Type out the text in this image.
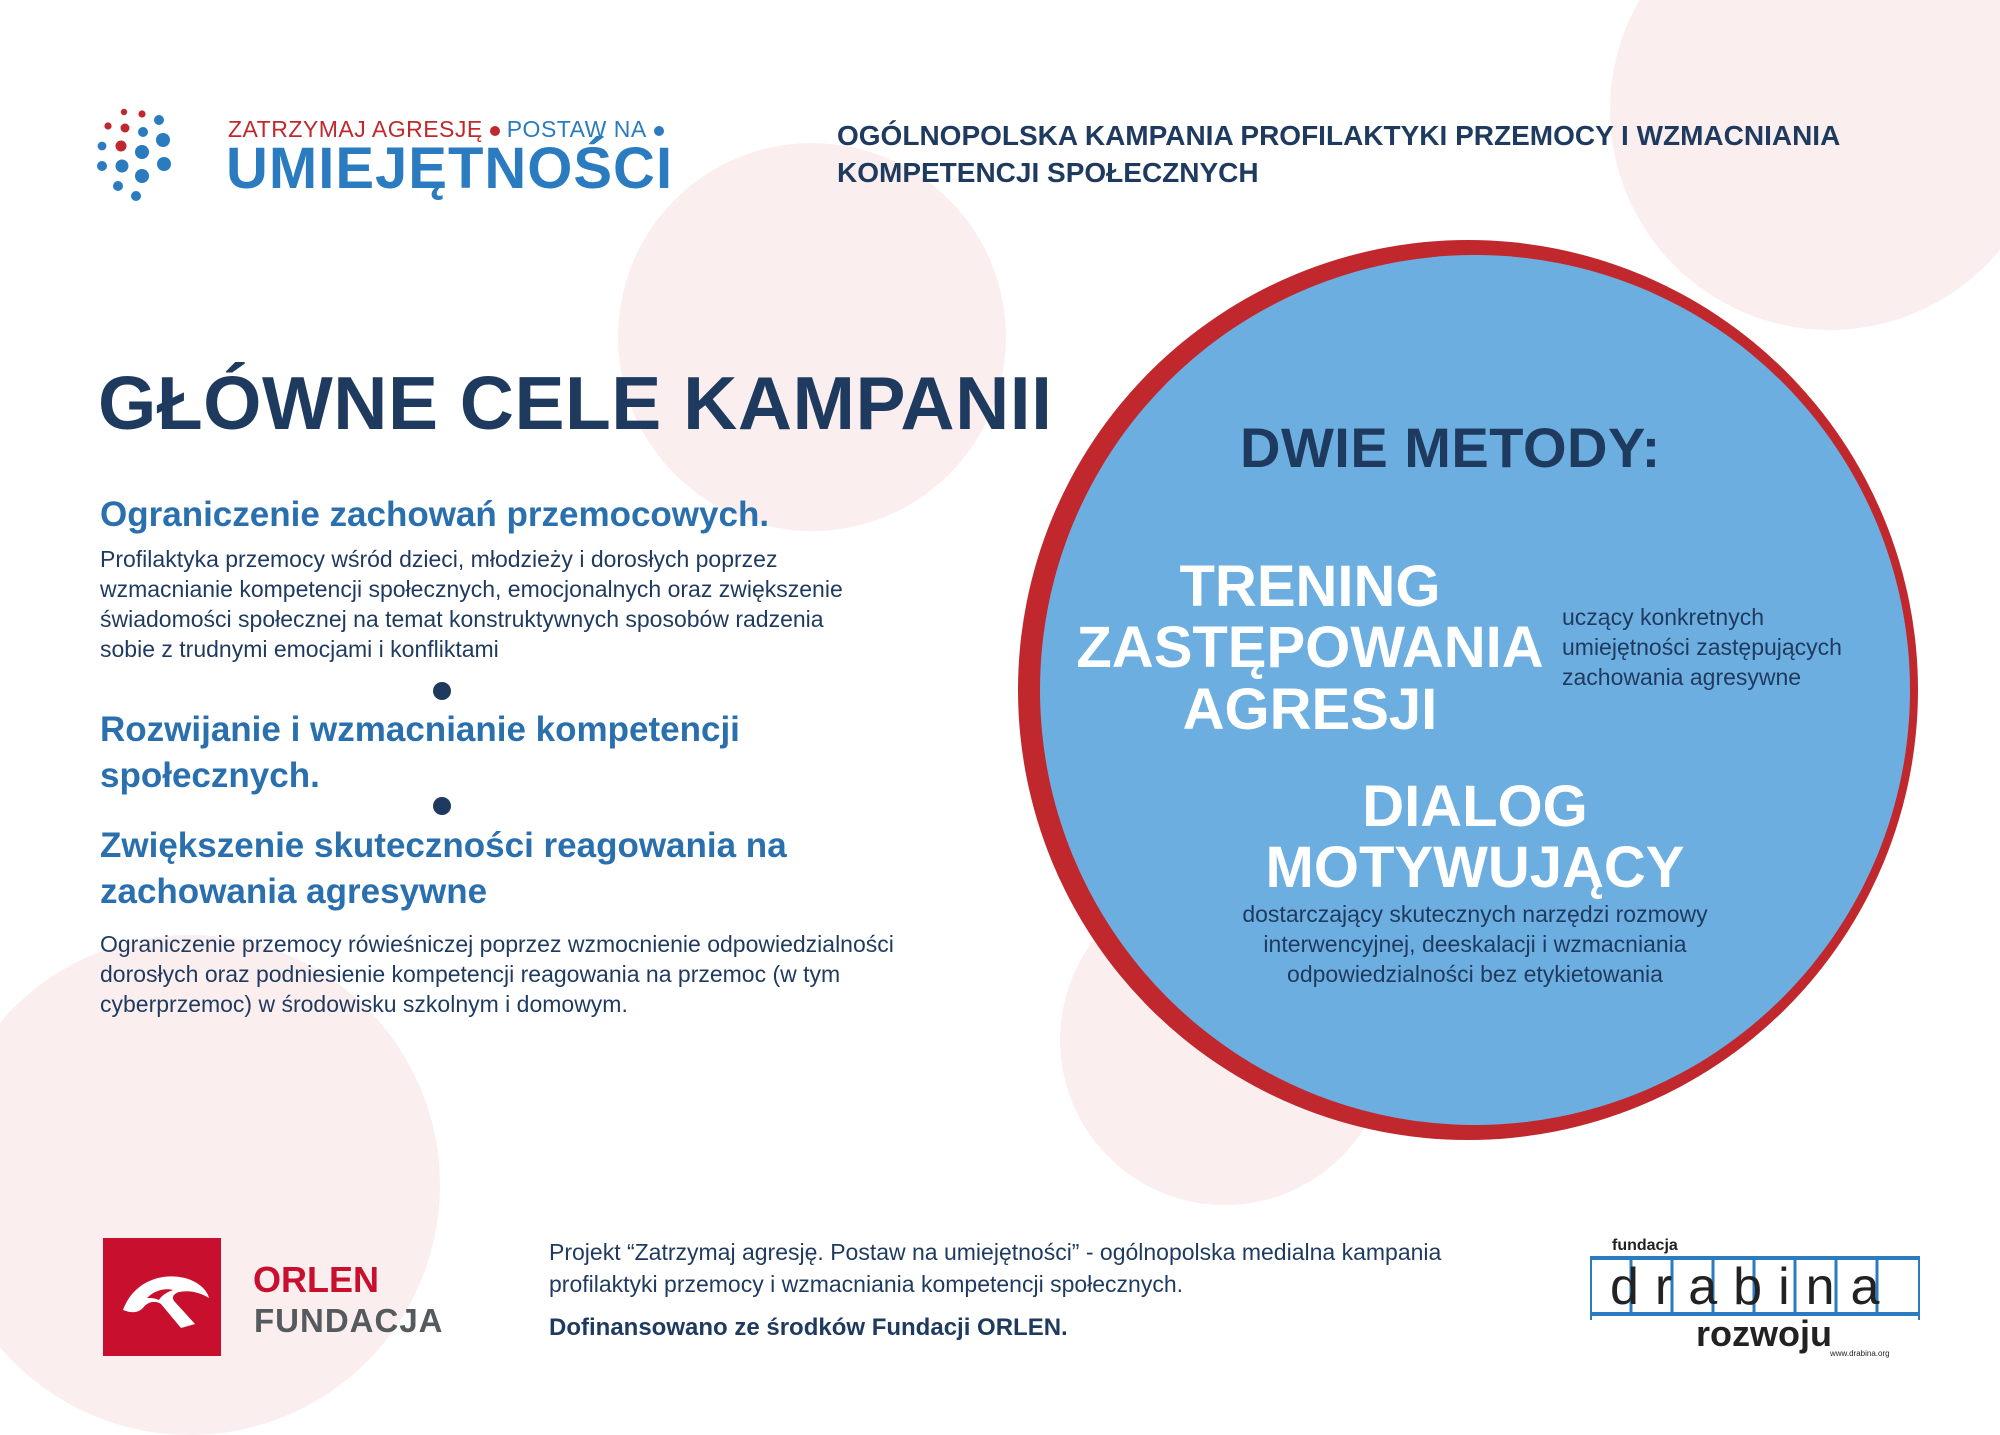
ZATRZYMAJ AGRESJĘ POSTAW NA
UMIEJĘTNOŚCI
OGÓLNOPOLSKA KAMPANIA PROFILAKTYKI PRZEMOCY I WZMACNIANIA KOMPETENCJI SPOŁECZNYCH
GŁÓWNE CELE KAMPANII
Ograniczenie zachowań przemocowych.
Profilaktyka przemocy wśród dzieci, młodzieży i dorosłych poprzez wzmacnianie kompetencji społecznych, emocjonalnych oraz zwiększenie świadomości społecznej na temat konstruktywnych sposobów radzenia sobie z trudnymi emocjami i konfliktami
Rozwijanie i wzmacnianie kompetencji społecznych.
Zwiększenie skuteczności reagowania na zachowania agresywne
Ograniczenie przemocy rówieśniczej poprzez wzmocnienie odpowiedzialności dorosłych oraz podniesienie kompetencji reagowania na przemoc (w tym cyberprzemoc) w środowisku szkolnym i domowym.
DWIE METODY:
TRENING ZASTĘPOWANIA AGRESJI
uczący konkretnych umiejętności zastępujących zachowania agresywne
DIALOG MOTYWUJĄCY
dostarczający skutecznych narzędzi rozmowy interwencyjnej, deeskalacji i wzmacniania odpowiedzialności bez etykietowania
ORLEN
FUNDACJA
Projekt “Zatrzymaj agresję. Postaw na umiejętności” - ogólnopolska medialna kampania profilaktyki przemocy i wzmacniania kompetencji społecznych.
Dofinansowano ze środków Fundacji ORLEN.
fundacja
drabina
rozwoju
www.drabina.org
